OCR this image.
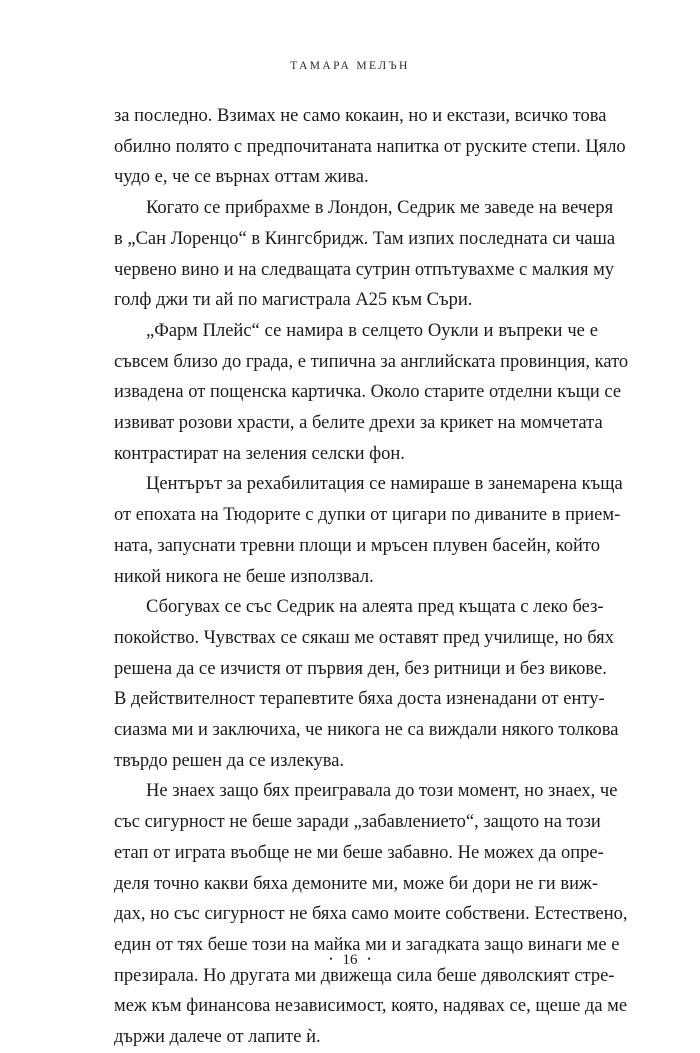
ТАМАРА МЕЛЪН

за последно. Взимах не само кокаин, но и екстази, всичко това
обилно полято с предпочитаната напитка от руските степи. Цяло
чудо е, че се върнах оттам жива.

Когато се прибрахме в Лондон, Седрик ме заведе на вечеря
в „Сан Лоренцо“ в Кингсбридж. Там изпих последната си чаша
червено вино и на следващата сутрин отпътувахме с малкия му
голф джи ти ай по магистрала А25 към Съри.

„Фарм Плейс“ се намира в селцето Оукли и въпреки че е
съвсем близо до града, е типична за английската провинция, като
извадена от пощенска картичка. Около старите отделни къщи се
извиват розови храсти, а белите дрехи за крикет на момчетата
контрастират на зеления селски фон.

Центърът за рехабилитация се намираше в занемарена къща
от епохата на Тюдорите с дупки от цигари по диваните в прием-
ната, запуснати тревни площи и мръсен плувен басейн, който
никой никога не беше използвал.

Сбогувах се със Седрик на алеята пред къщата с леко без-
покойство. Чувствах се сякаш ме оставят пред училище, но бях
решена да се изчистя от първия ден, без ритници и без викове.
В действителност терапевтите бяха доста изненадани от енту-
сиазма ми и заключиха, че никога не са виждали някого толкова
твърдо решен да се излекува.

Не знаех защо бях преигравала до този момент, но знаех, че
със сигурност не беше заради „забавлението“, защото на този
етап от играта въобще не ми беше забавно. Не можех да опре-
деля точно какви бяха демоните ми, може би дори не ги виж-
дах, но със сигурност не бяха само моите собствени. Естествено,
един от тях беше този на майка ми и загадката защо винаги ме е
презирала. Но другата ми движеща сила беше дяволският стре-
меж към финансова независимост, която, надявах се, щеше да ме
държи далече от лапите ѝ.

• 16 •
